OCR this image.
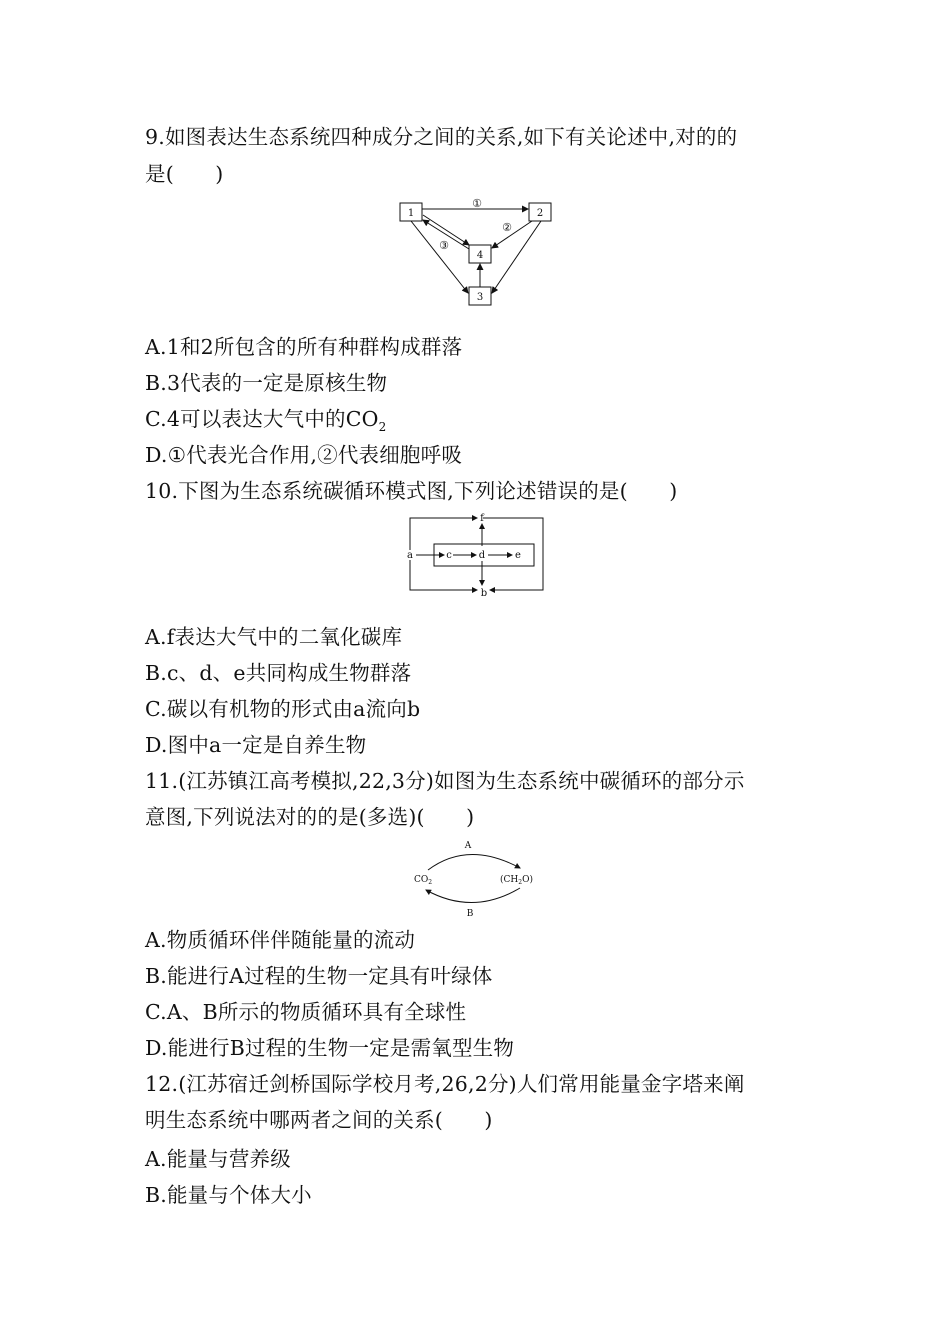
9.如图表达生态系统四种成分之间的关系,如下有关论述中,对的的
是(　　)
1	2
4
3
①
②
③
A.1和2所包含的所有种群构成群落
B.3代表的一定是原核生物
C.4可以表达大气中的$CO_2$
D.①代表光合作用,②代表细胞呼吸
10.下图为生态系统碳循环模式图,下列论述错误的是(　　)
f
a	c	d	e
b
A.f表达大气中的二氧化碳库
B.c、d、e共同构成生物群落
C.碳以有机物的形式由a流向b
D.图中a一定是自养生物
11.(江苏镇江高考模拟,22,3分)如图为生态系统中碳循环的部分示
意图,下列说法对的的是(多选)(　　)
A
B
$CO_2$	$(CH_2O)$
A.物质循环伴伴随能量的流动
B.能进行A过程的生物一定具有叶绿体
C.A、B所示的物质循环具有全球性
D.能进行B过程的生物一定是需氧型生物
12.(江苏宿迁剑桥国际学校月考,26,2分)人们常用能量金字塔来阐
明生态系统中哪两者之间的关系(　　)
A.能量与营养级
B.能量与个体大小
